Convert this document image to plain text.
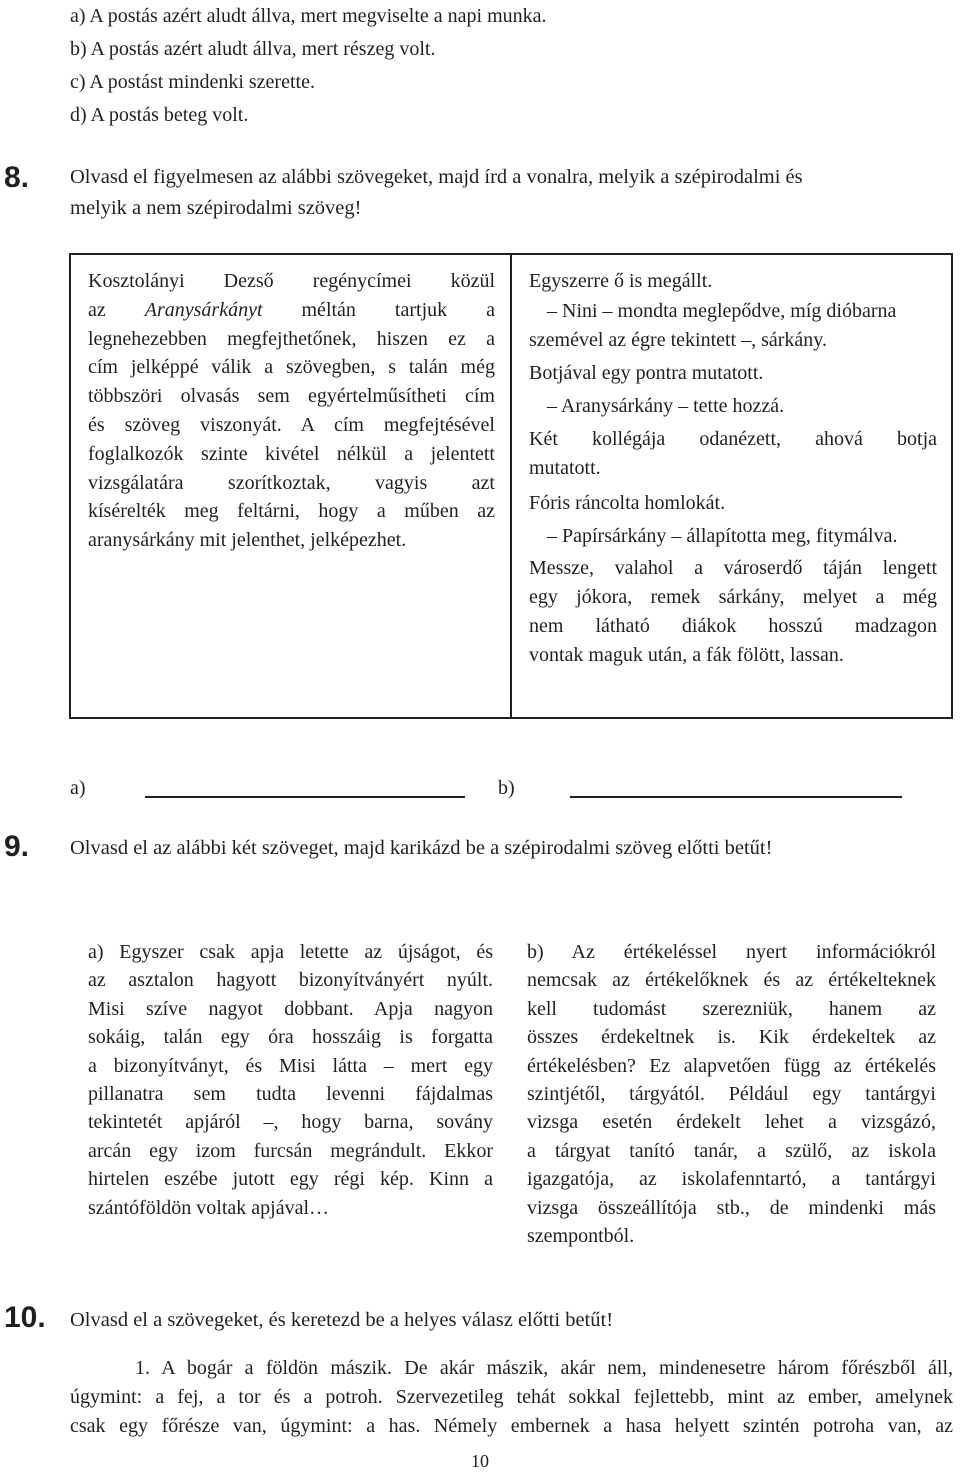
a) A postás azért aludt állva, mert megviselte a napi munka.
b) A postás azért aludt állva, mert részeg volt.
c) A postást mindenki szerette.
d) A postás beteg volt.
8. Olvasd el figyelmesen az alábbi szövegeket, majd írd a vonalra, melyik a szépirodalmi és
melyik a nem szépirodalmi szöveg!
Kosztolányi Dezső regénycímei közül
az Aranysárkányt méltán tartjuk a
legnehezebben megfejthetőnek, hiszen ez a
cím jelképpé válik a szövegben, s talán még
többszöri olvasás sem egyértelműsítheti cím
és szöveg viszonyát. A cím megfejtésével
foglalkozók szinte kivétel nélkül a jelentett
vizsgálatára szorítkoztak, vagyis azt
kísérelték meg feltárni, hogy a műben az
aranysárkány mit jelenthet, jelképezhet.
Egyszerre ő is megállt.
– Nini – mondta meglepődve, míg dióbarna
szemével az égre tekintett –, sárkány.
Botjával egy pontra mutatott.
– Aranysárkány – tette hozzá.
Két kollégája odanézett, ahová botja
mutatott.
Fóris ráncolta homlokát.
– Papírsárkány – állapította meg, fitymálva.
Messze, valahol a városerdő táján lengett
egy jókora, remek sárkány, melyet a még
nem látható diákok hosszú madzagon
vontak maguk után, a fák fölött, lassan.
a)	b)
9. Olvasd el az alábbi két szöveget, majd karikázd be a szépirodalmi szöveg előtti betűt!
a) Egyszer csak apja letette az újságot, és
az asztalon hagyott bizonyítványért nyúlt.
Misi szíve nagyot dobbant. Apja nagyon
sokáig, talán egy óra hosszáig is forgatta
a bizonyítványt, és Misi látta – mert egy
pillanatra sem tudta levenni fájdalmas
tekintetét apjáról –, hogy barna, sovány
arcán egy izom furcsán megrándult. Ekkor
hirtelen eszébe jutott egy régi kép. Kinn a
szántóföldön voltak apjával…
b) Az értékeléssel nyert információkról
nemcsak az értékelőknek és az értékelteknek
kell tudomást szerezniük, hanem az
összes érdekeltnek is. Kik érdekeltek az
értékelésben? Ez alapvetően függ az értékelés
szintjétől, tárgyától. Például egy tantárgyi
vizsga esetén érdekelt lehet a vizsgázó,
a tárgyat tanító tanár, a szülő, az iskola
igazgatója, az iskolafenntartó, a tantárgyi
vizsga összeállítója stb., de mindenki más
szempontból.
10. Olvasd el a szövegeket, és keretezd be a helyes válasz előtti betűt!
1. A bogár a földön mászik. De akár mászik, akár nem, mindenesetre három főrészből áll,
úgymint: a fej, a tor és a potroh. Szervezetileg tehát sokkal fejlettebb, mint az ember, amelynek
csak egy főrésze van, úgymint: a has. Némely embernek a hasa helyett szintén potroha van, az
10
